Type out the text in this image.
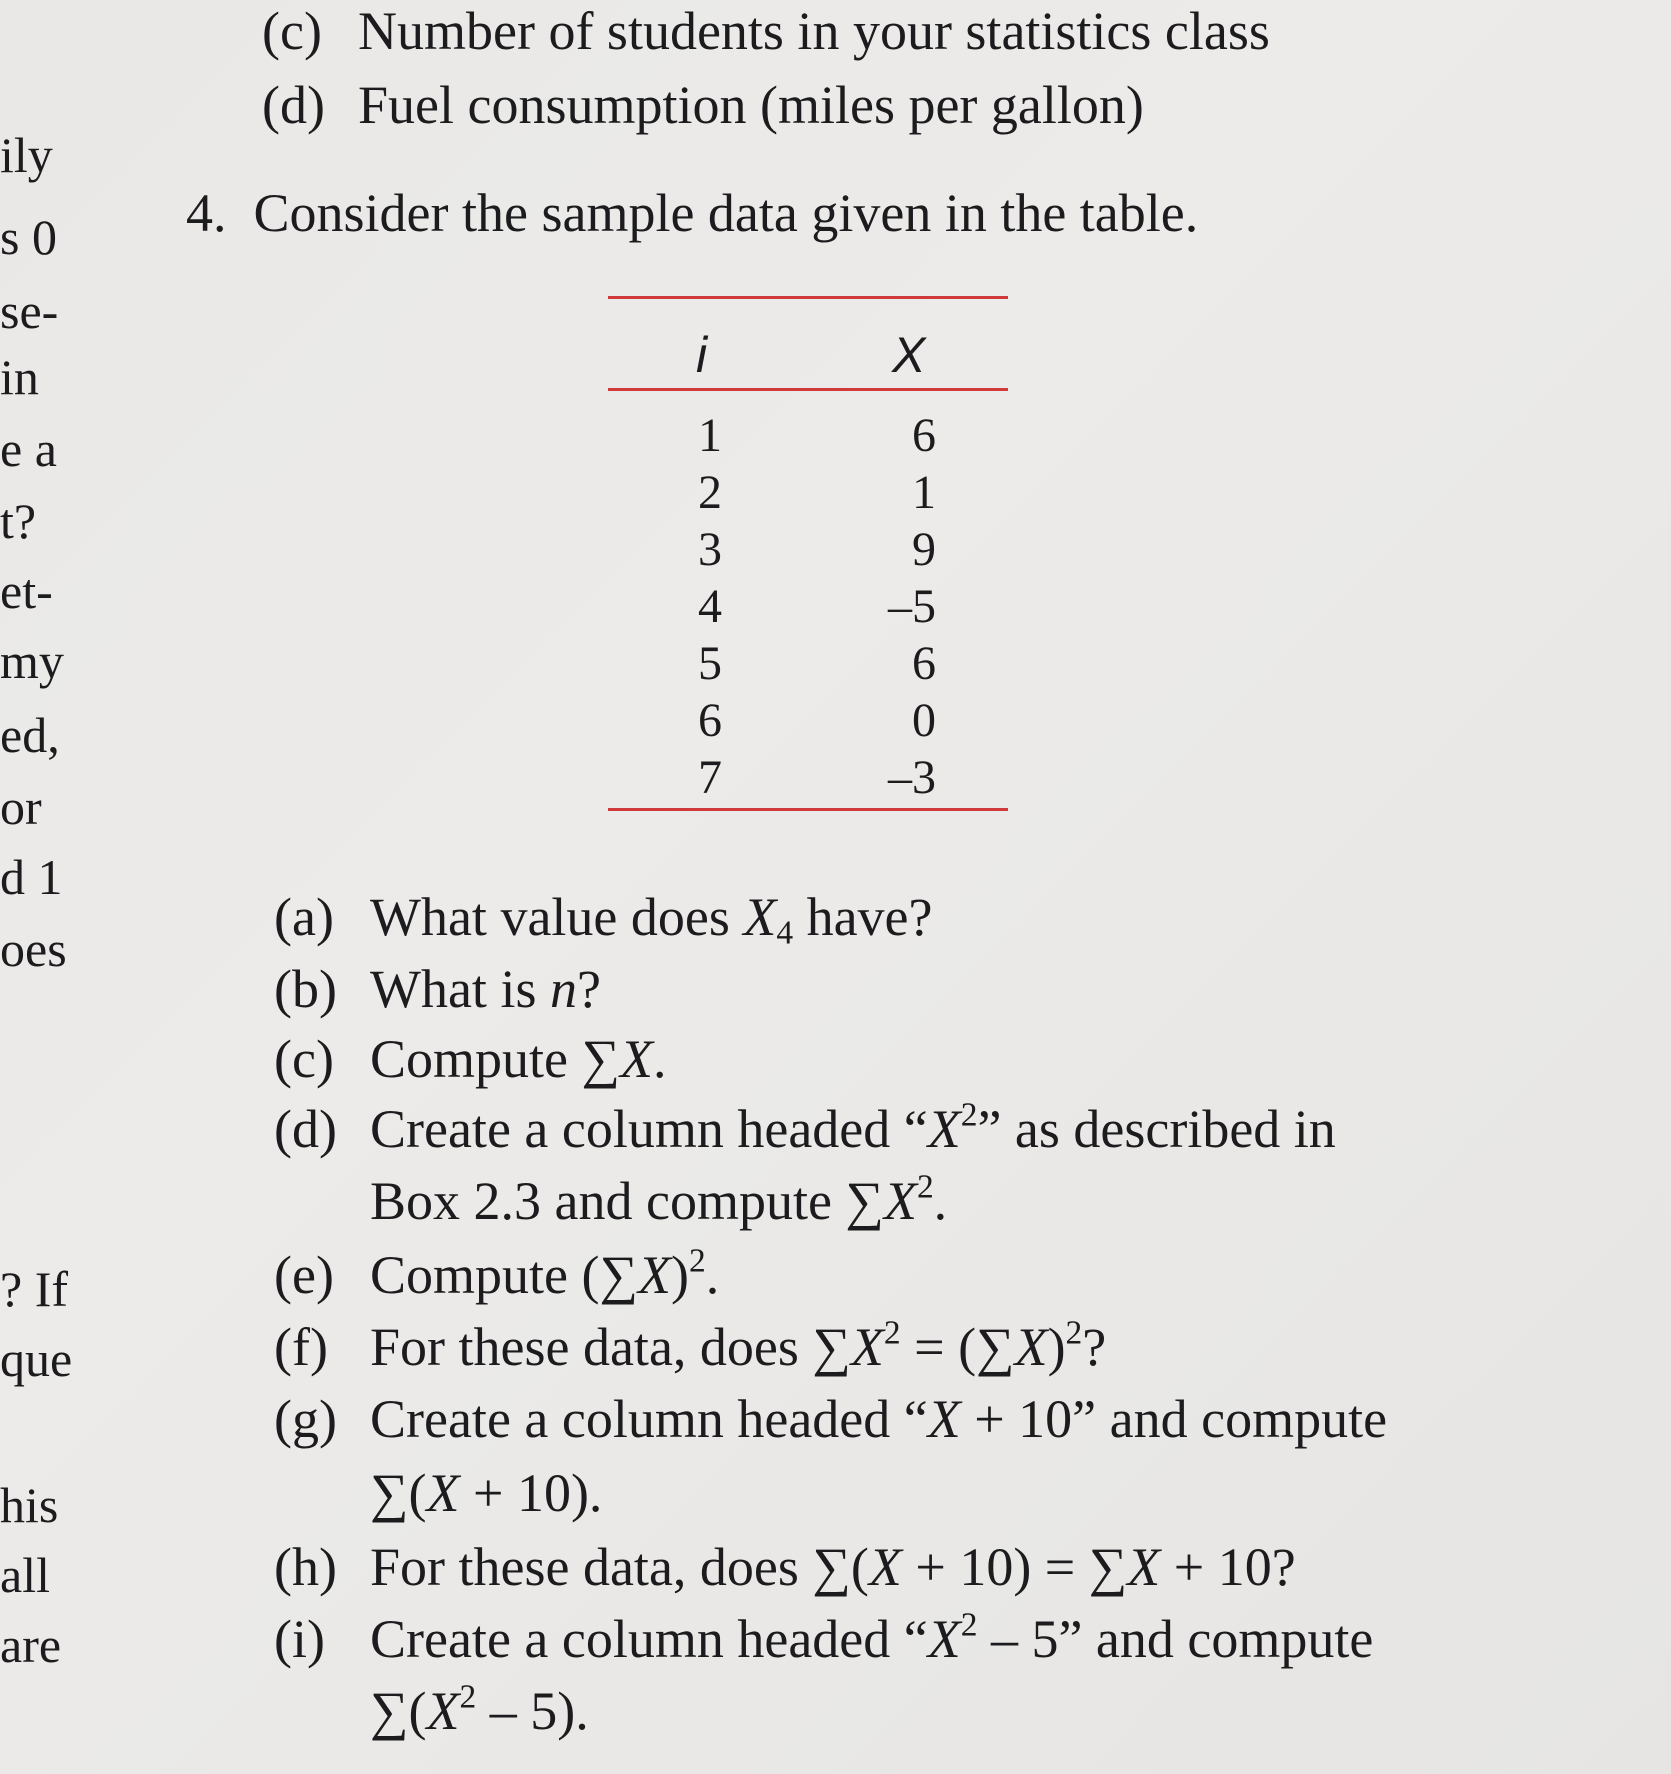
ily
s 0
se-
in
e a
t?
et-
my
ed,
or
d 1
oes
? If
que
his
all
are
(c) Number of students in your statistics class
(d) Fuel consumption (miles per gallon)
4. Consider the sample data given in the table.
i	X
1	6
2	1
3	9
4	–5
5	6
6	0
7	–3
(a) What value does $X_4$ have?
(b) What is n?
(c) Compute ∑X.
(d) Create a column headed “$X^2$” as described in
Box 2.3 and compute $\sum X^2$.
(e) Compute $(\sum X)^2$.
(f) For these data, does $\sum X^2 = (\sum X)^2$?
(g) Create a column headed “X + 10” and compute
∑(X + 10).
(h) For these data, does ∑(X + 10) = ∑X + 10?
(i) Create a column headed “$X^2 - 5$” and compute
$\sum(X^2 - 5)$.
